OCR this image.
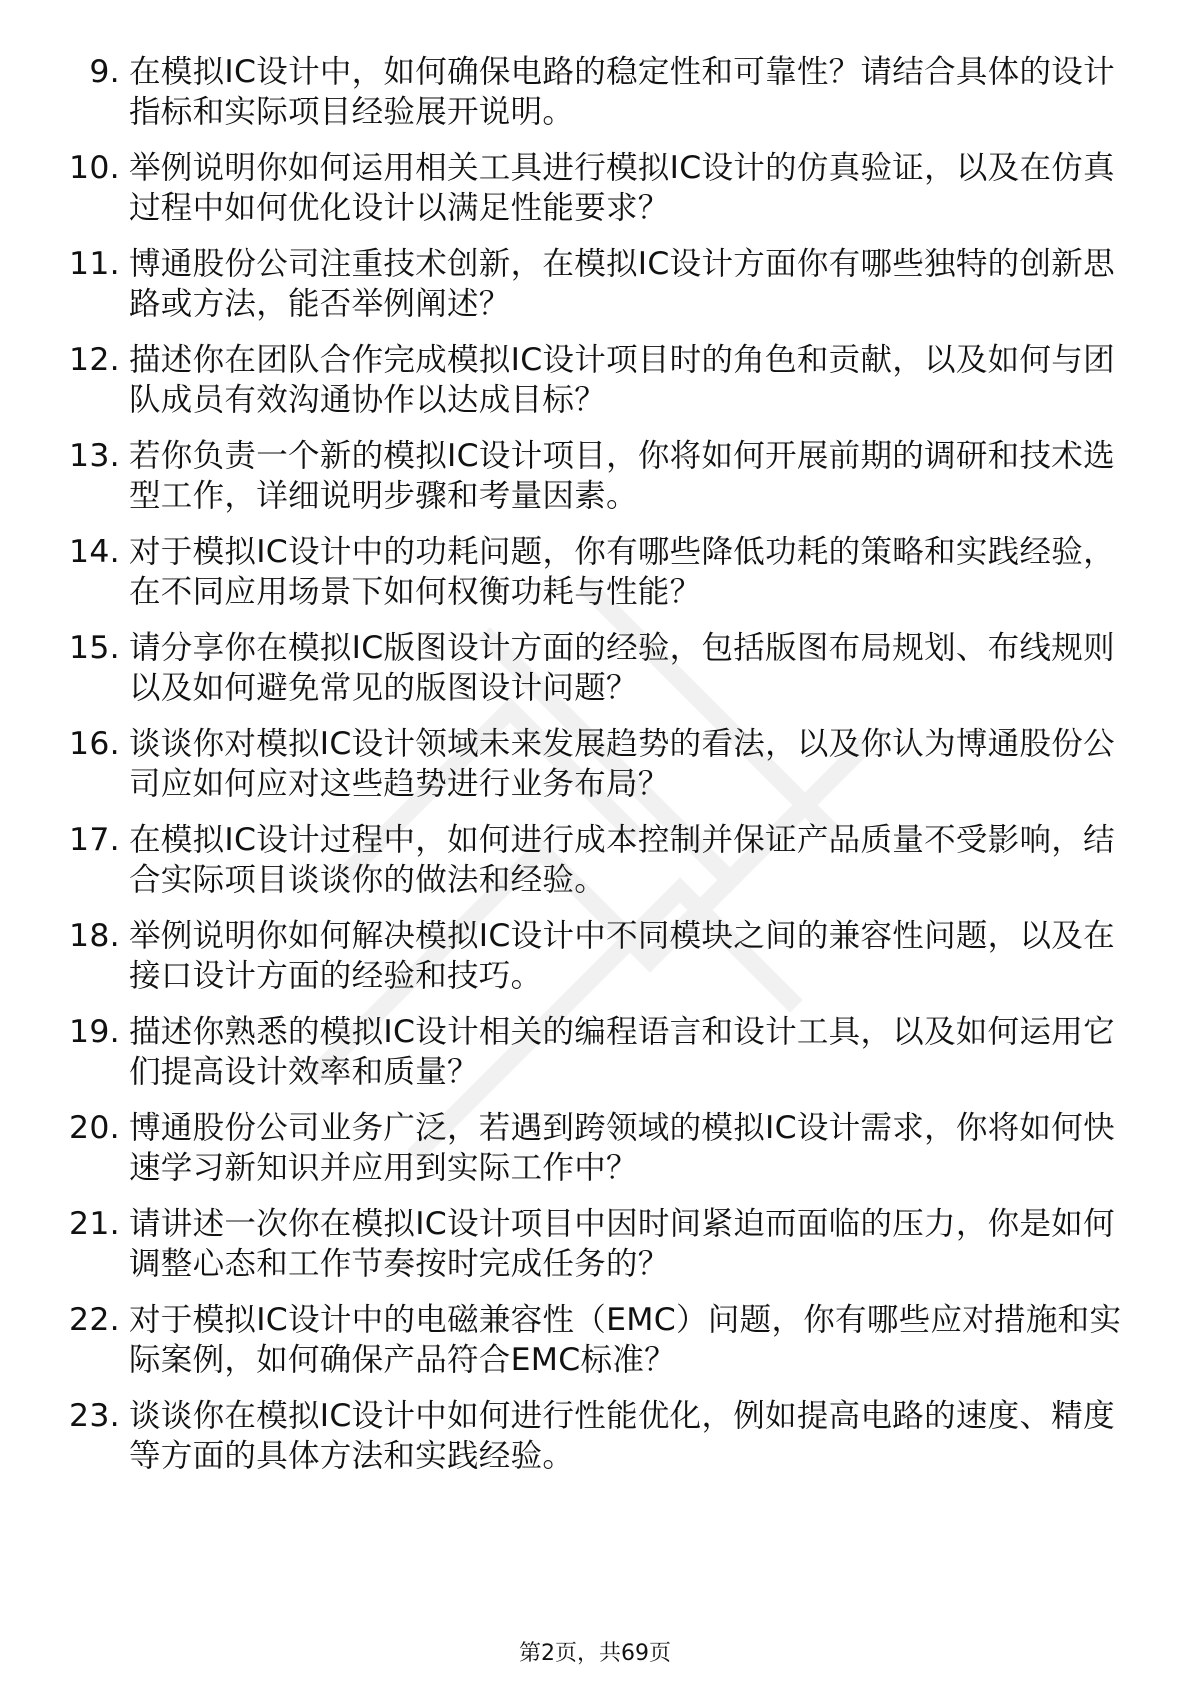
9. 在模拟IC设计中，如何确保电路的稳定性和可靠性？请结合具体的设计指标和实际项目经验展开说明。
10. 举例说明你如何运用相关工具进行模拟IC设计的仿真验证，以及在仿真过程中如何优化设计以满足性能要求？
11. 博通股份公司注重技术创新，在模拟IC设计方面你有哪些独特的创新思路或方法，能否举例阐述？
12. 描述你在团队合作完成模拟IC设计项目时的角色和贡献，以及如何与团队成员有效沟通协作以达成目标？
13. 若你负责一个新的模拟IC设计项目，你将如何开展前期的调研和技术选型工作，详细说明步骤和考量因素。
14. 对于模拟IC设计中的功耗问题，你有哪些降低功耗的策略和实践经验，在不同应用场景下如何权衡功耗与性能？
15. 请分享你在模拟IC版图设计方面的经验，包括版图布局规划、布线规则以及如何避免常见的版图设计问题？
16. 谈谈你对模拟IC设计领域未来发展趋势的看法，以及你认为博通股份公司应如何应对这些趋势进行业务布局？
17. 在模拟IC设计过程中，如何进行成本控制并保证产品质量不受影响，结合实际项目谈谈你的做法和经验。
18. 举例说明你如何解决模拟IC设计中不同模块之间的兼容性问题，以及在接口设计方面的经验和技巧。
19. 描述你熟悉的模拟IC设计相关的编程语言和设计工具，以及如何运用它们提高设计效率和质量？
20. 博通股份公司业务广泛，若遇到跨领域的模拟IC设计需求，你将如何快速学习新知识并应用到实际工作中？
21. 请讲述一次你在模拟IC设计项目中因时间紧迫而面临的压力，你是如何调整心态和工作节奏按时完成任务的？
22. 对于模拟IC设计中的电磁兼容性（EMC）问题，你有哪些应对措施和实际案例，如何确保产品符合EMC标准？
23. 谈谈你在模拟IC设计中如何进行性能优化，例如提高电路的速度、精度等方面的具体方法和实践经验。
第2页，共69页
